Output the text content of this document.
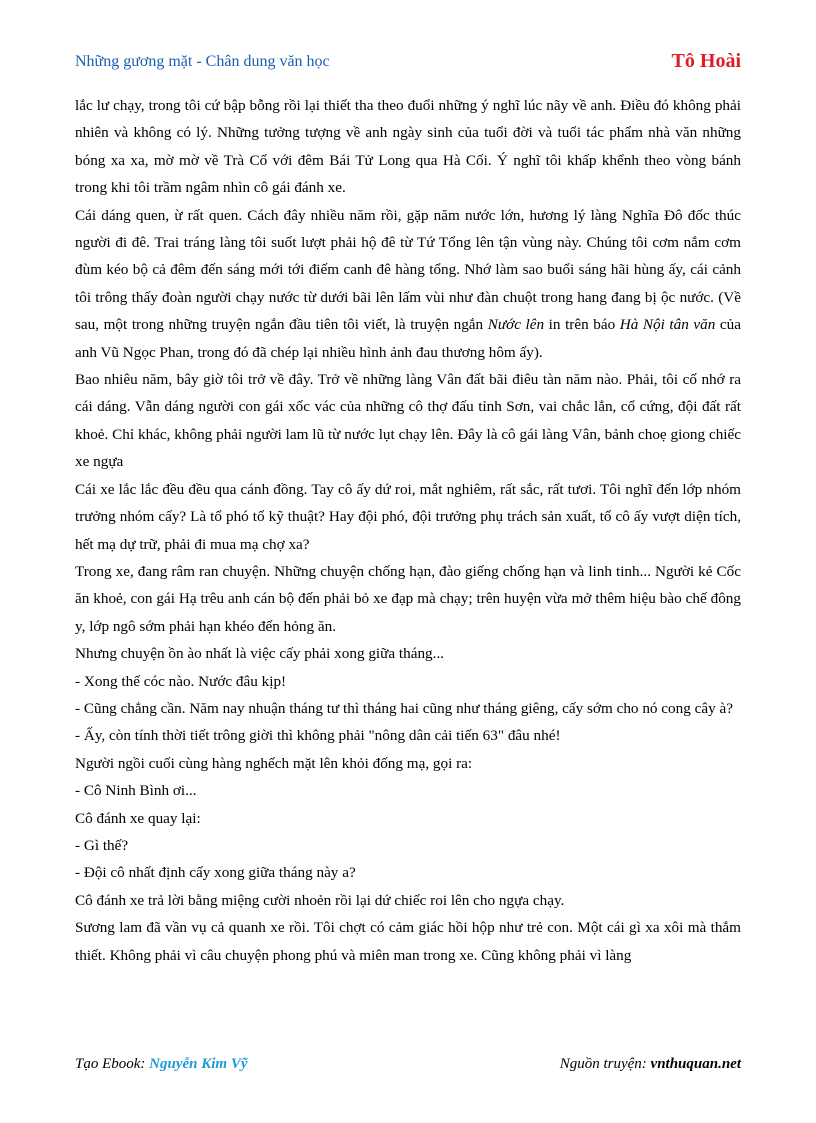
Những gương mặt - Chân dung văn học	Tô Hoài

lắc lư chạy, trong tôi cứ bập bỗng rồi lại thiết tha theo đuổi những ý nghĩ lúc nãy về anh. Điều đó không phải nhiên và không có lý. Những tưởng tượng về anh ngày sinh của tuổi đời và tuổi tác phẩm nhà văn những bóng xa xa, mờ mờ về Trà Cổ với đêm Bái Tử Long qua Hà Cối. Ý nghĩ tôi khấp khểnh theo vòng bánh trong khi tôi trầm ngâm nhìn cô gái đánh xe.

Cái dáng quen, ừ rất quen. Cách đây nhiều năm rồi, gặp năm nước lớn, hương lý làng Nghĩa Đô đốc thúc người đi đê. Trai tráng làng tôi suốt lượt phải hộ đê từ Tứ Tổng lên tận vùng này. Chúng tôi cơm nắm cơm đùm kéo bộ cả đêm đến sáng mới tới điếm canh đê hàng tổng. Nhớ làm sao buổi sáng hãi hùng ấy, cái cảnh tôi trông thấy đoàn người chạy nước từ dưới bãi lên lấm vùi như đàn chuột trong hang đang bị ộc nước. (Về sau, một trong những truyện ngắn đầu tiên tôi viết, là truyện ngắn Nước lên in trên báo Hà Nội tân văn của anh Vũ Ngọc Phan, trong đó đã chép lại nhiều hình ảnh đau thương hôm ấy).

Bao nhiêu năm, bây giờ tôi trở về đây. Trở về những làng Vân đất bãi điêu tàn năm nào. Phải, tôi cố nhớ ra cái dáng. Vẫn dáng người con gái xốc vác của những cô thợ đấu tỉnh Sơn, vai chắc lẳn, cổ cứng, đội đất rất khoẻ. Chỉ khác, không phải người lam lũ từ nước lụt chạy lên. Đây là cô gái làng Vân, bảnh choẹ giong chiếc xe ngựa

Cái xe lắc lắc đều đều qua cánh đồng. Tay cô ấy dứ roi, mắt nghiêm, rất sắc, rất tươi. Tôi nghĩ đến lớp nhóm trưởng nhóm cấy? Là tổ phó tổ kỹ thuật? Hay đội phó, đội trưởng phụ trách sản xuất, tổ cô ấy vượt diện tích, hết mạ dự trữ, phải đi mua mạ chợ xa?

Trong xe, đang râm ran chuyện. Những chuyện chống hạn, đào giếng chống hạn và linh tinh... Người kẻ Cốc ăn khoẻ, con gái Hạ trêu anh cán bộ đến phải bỏ xe đạp mà chạy; trên huyện vừa mở thêm hiệu bào chế đông y, lớp ngô sớm phải hạn khéo đến hỏng ăn.

Nhưng chuyện ồn ào nhất là việc cấy phải xong giữa tháng...

- Xong thế cóc nào. Nước đâu kịp!

- Cũng chẳng cần. Năm nay nhuận tháng tư thì tháng hai cũng như tháng giêng, cấy sớm cho nó cong cây à?

- Ấy, còn tính thời tiết trông giời thì không phải "nông dân cải tiến 63" đâu nhé!

Người ngồi cuối cùng hàng nghếch mặt lên khỏi đống mạ, gọi ra:

- Cô Ninh Bình ơi...

Cô đánh xe quay lại:

- Gì thế?

- Đội cô nhất định cấy xong giữa tháng này a?

Cô đánh xe trả lời bằng miệng cười nhoẻn rồi lại dứ chiếc roi lên cho ngựa chạy.

Sương lam đã vần vụ cả quanh xe rồi. Tôi chợt có cảm giác hồi hộp như trẻ con. Một cái gì xa xôi mà thắm thiết. Không phải vì câu chuyện phong phú và miên man trong xe. Cũng không phải vì làng

Tạo Ebook: Nguyễn Kim Vỹ	Nguồn truyện: vnthuquan.net
